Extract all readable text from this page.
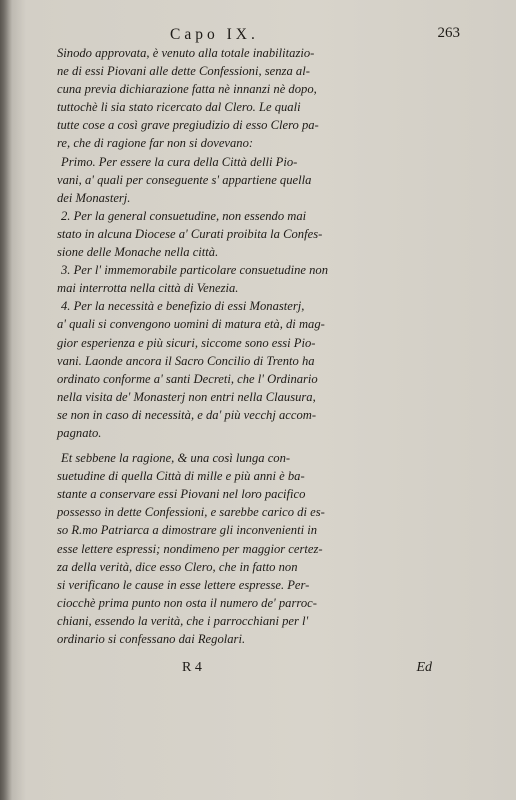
Capo IX.	263
Sinodo approvata, è venuto alla totale inabilitazio-
ne di essi Piovani alle dette Confessioni, senza al-
cuna previa dichiarazione fatta nè innanzi nè dopo,
tuttochè li sia stato ricercato dal Clero. Le quali
tutte cose a così grave pregiudizio di esso Clero pa-
re, che di ragione far non si dovevano:
Primo. Per essere la cura della Città delli Pio-
vani, a' quali per conseguente s' appartiene quella
dei Monasterj.
2. Per la general consuetudine, non essendo mai
stato in alcuna Diocese a' Curati proibita la Confes-
sione delle Monache nella città.
3. Per l' immemorabile particolare consuetudine non
mai interrotta nella città di Venezia.
4. Per la necessità e benefizio di essi Monasterj,
a' quali si convengono uomini di matura età, di mag-
gior esperienza e più sicuri, siccome sono essi Pio-
vani. Laonde ancora il Sacro Concilio di Trento ha
ordinato conforme a' santi Decreti, che l' Ordinario
nella visita de' Monasterj non entri nella Clausura,
se non in caso di necessità, e da' più vecchj accom-
pagnato.
Et sebbene la ragione, & una così lunga con-
suetudine di quella Città di mille e più anni è ba-
stante a conservare essi Piovani nel loro pacifico
possesso in dette Confessioni, e sarebbe carico di es-
so R.mo Patriarca a dimostrare gli inconvenienti in
esse lettere espressi; nondimeno per maggior certez-
za della verità, dice esso Clero, che in fatto non
si verificano le cause in esse lettere espresse. Per-
ciocchè prima punto non osta il numero de' parroc-
chiani, essendo la verità, che i parrocchiani per l'
ordinario si confessano dai Regolari.
R 4	Ed
